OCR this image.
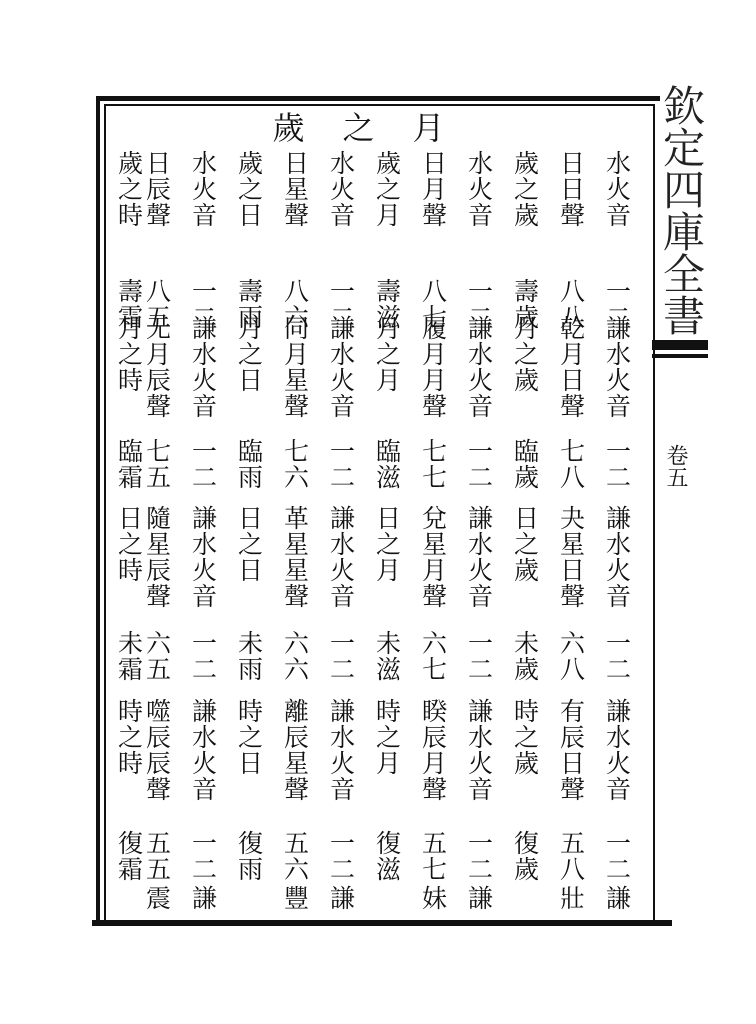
歲之月
水火音
一二
謙水火音
一二
謙水火音
一二
謙水火音
一二
謙
日日聲
八八
乾月日聲
七八
夬星日聲
六八
有辰日聲
五八
壯
歲之歲
壽歲
月之歲
臨歲
日之歲
未歲
時之歲
復歲
水火音
一二
謙水火音
一二
謙水火音
一二
謙水火音
一二
謙
日月聲
八七
履月月聲
七七
兌星月聲
六七
睽辰月聲
五七
妹
歲之月
壽滋
月之月
臨滋
日之月
未滋
時之月
復滋
水火音
一二
謙水火音
一二
謙水火音
一二
謙水火音
一二
謙
日星聲
八六
同月星聲
七六
革星星聲
六六
離辰星聲
五六
豐
歲之日
壽雨
月之日
臨雨
日之日
未雨
時之日
復雨
水火音
一二
謙水火音
一二
謙水火音
一二
謙水火音
一二
謙
日辰聲
八五
无月辰聲
七五
隨星辰聲
六五
噬辰辰聲
五五
震
歲之時
壽霜
月之時
臨霜
日之時
未霜
時之時
復霜
欽定四庫全書
卷五
